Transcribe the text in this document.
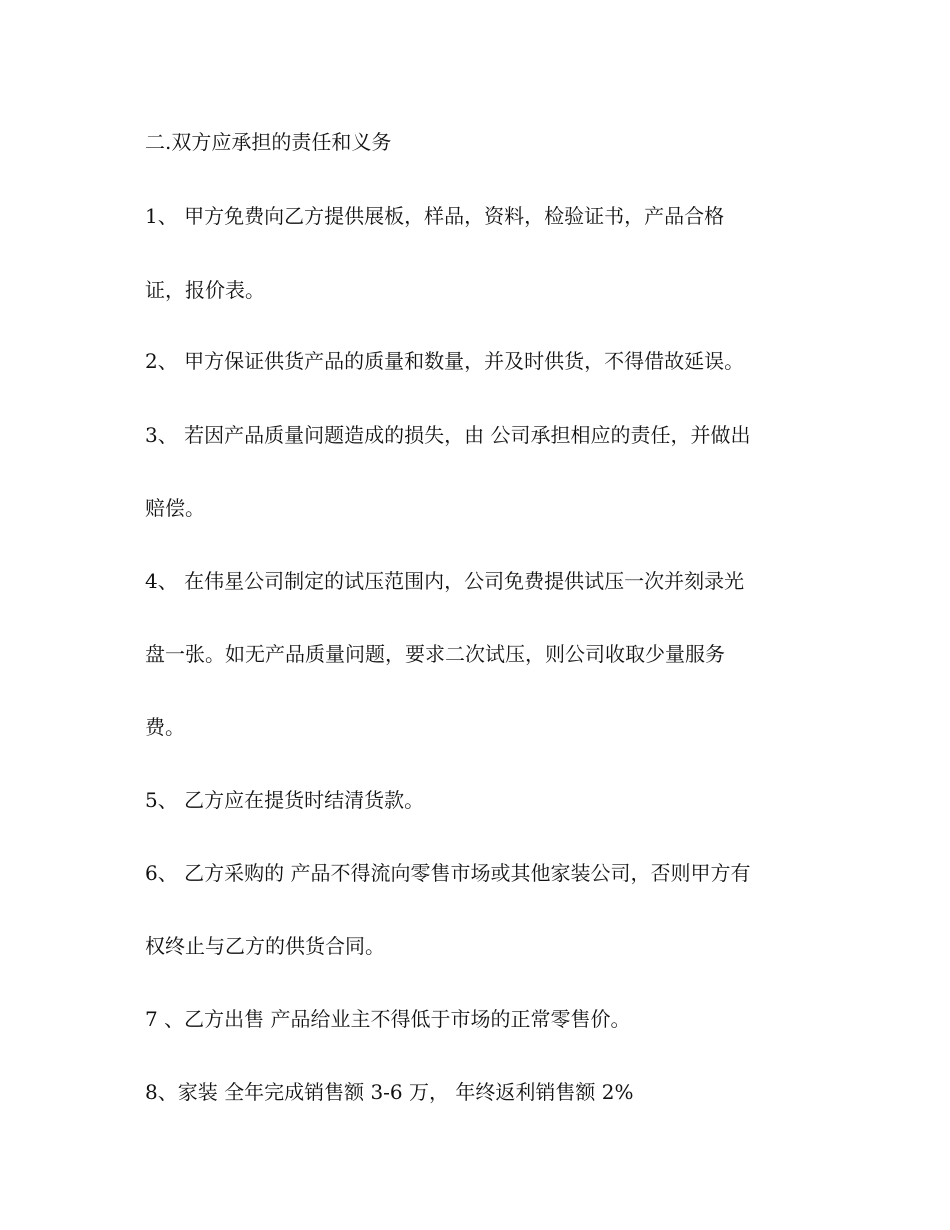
二.双方应承担的责任和义务
1、 甲方免费向乙方提供展板，样品，资料，检验证书，产品合格
证，报价表。
2、 甲方保证供货产品的质量和数量，并及时供货，不得借故延误。
3、 若因产品质量问题造成的损失，由 公司承担相应的责任，并做出
赔偿。
4、 在伟星公司制定的试压范围内，公司免费提供试压一次并刻录光
盘一张。如无产品质量问题，要求二次试压，则公司收取少量服务
费。
5、 乙方应在提货时结清货款。
6、 乙方采购的 产品不得流向零售市场或其他家装公司，否则甲方有
权终止与乙方的供货合同。
7 、乙方出售 产品给业主不得低于市场的正常零售价。
8、家装 全年完成销售额 3-6 万， 年终返利销售额 2%
